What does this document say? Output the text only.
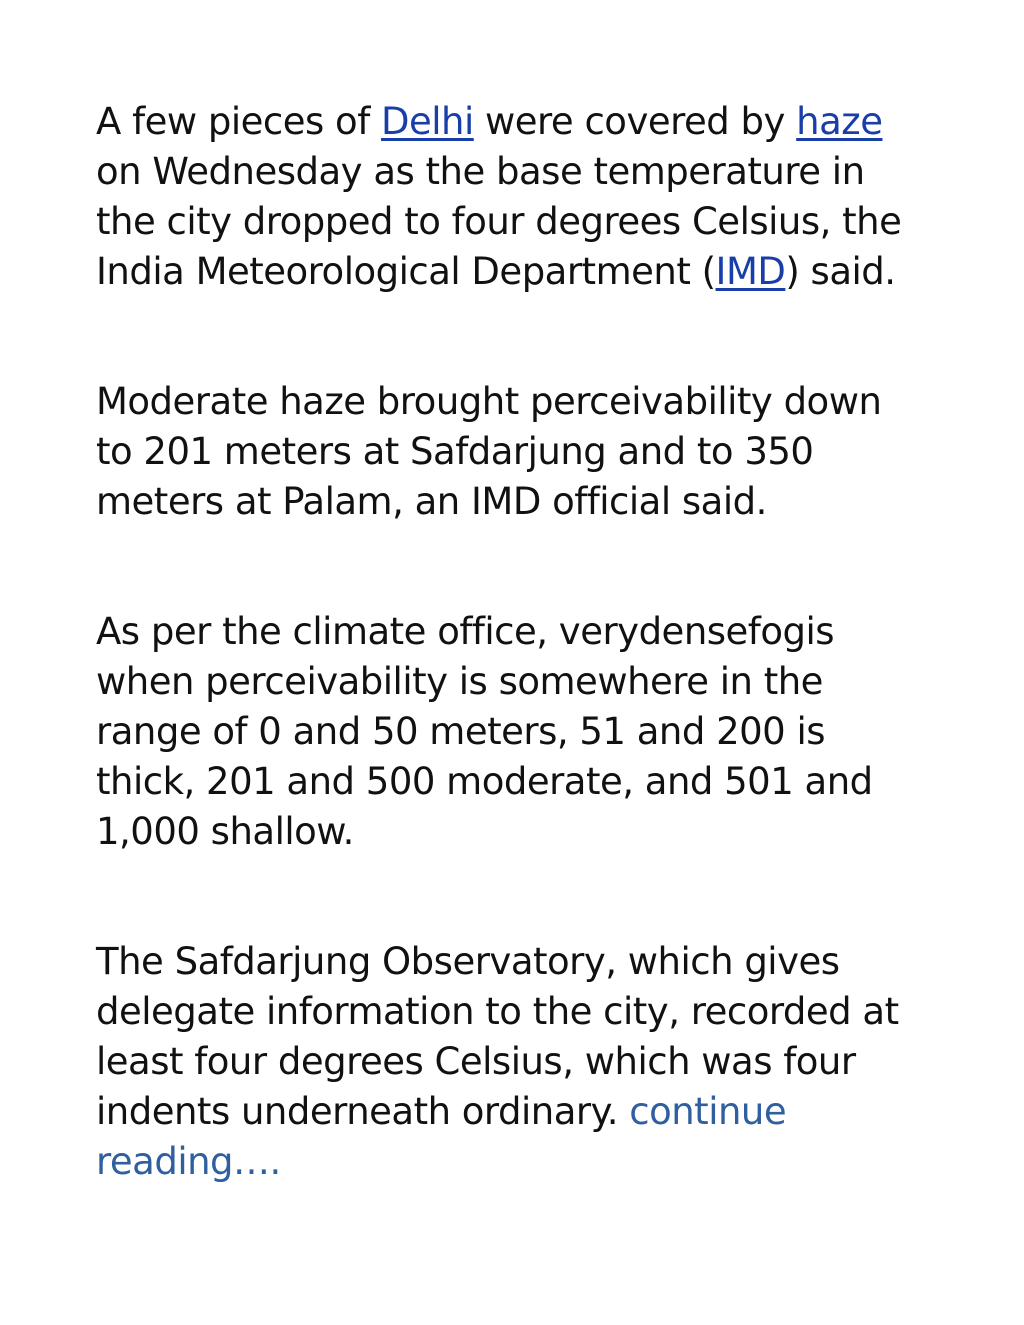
A few pieces of Delhi were covered by haze on Wednesday as the base temperature in the city dropped to four degrees Celsius, the India Meteorological Department (IMD) said.

Moderate haze brought perceivability down to 201 meters at Safdarjung and to 350 meters at Palam, an IMD official said.

As per the climate office, verydensefogis when perceivability is somewhere in the range of 0 and 50 meters, 51 and 200 is thick, 201 and 500 moderate, and 501 and 1,000 shallow.

The Safdarjung Observatory, which gives delegate information to the city, recorded at least four degrees Celsius, which was four indents underneath ordinary. continue reading….
